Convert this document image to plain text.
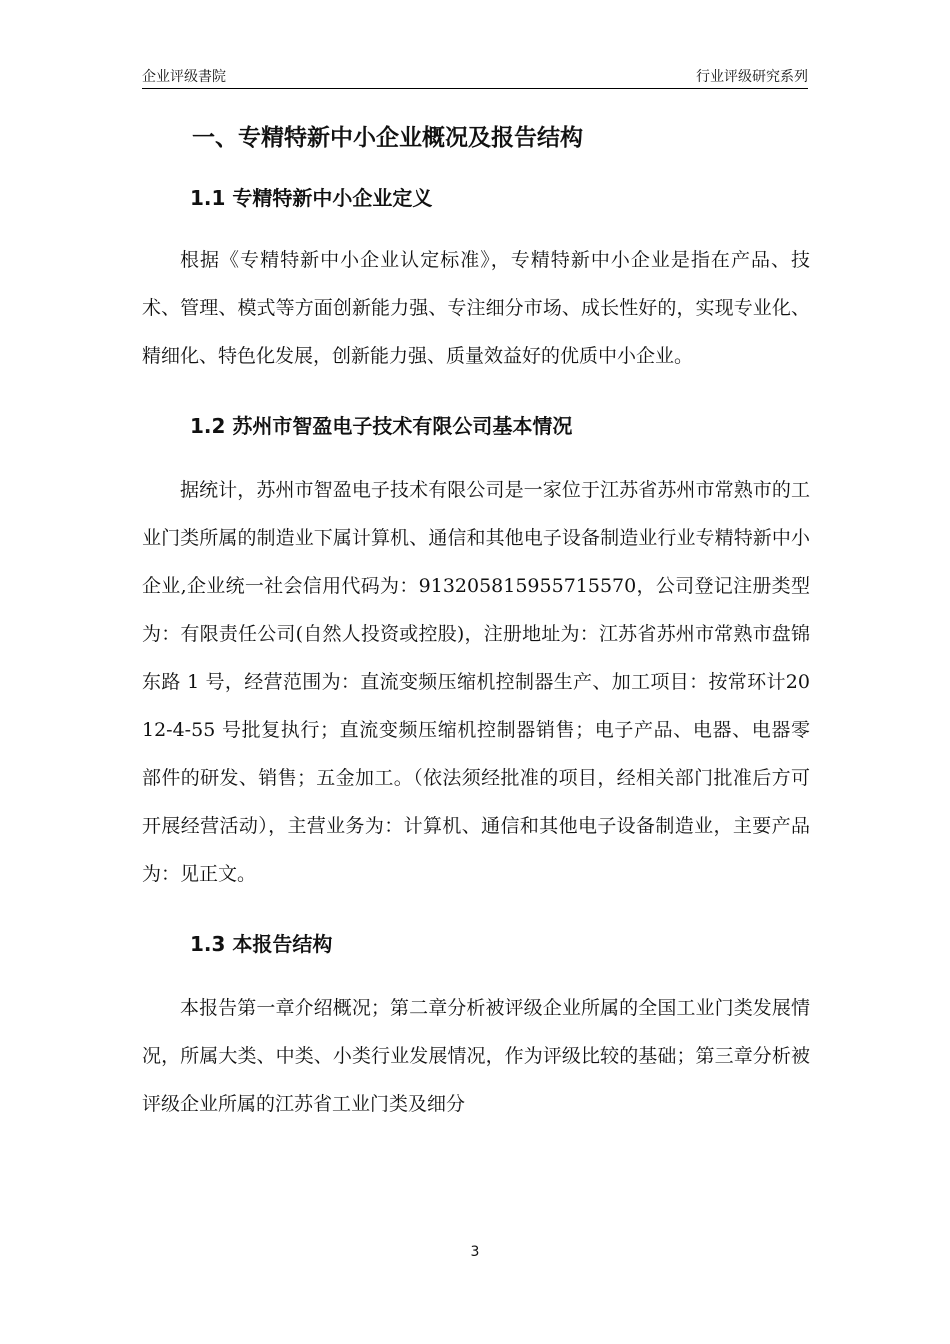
企业评级書院	行业评级研究系列
一、专精特新中小企业概况及报告结构
1.1 专精特新中小企业定义

根据《专精特新中小企业认定标准》，专精特新中小企业是指在产品、技术、管理、模式等方面创新能力强、专注细分市场、成长性好的，实现专业化、精细化、特色化发展，创新能力强、质量效益好的优质中小企业。

1.2 苏州市智盈电子技术有限公司基本情况

据统计，苏州市智盈电子技术有限公司是一家位于江苏省苏州市常熟市的工业门类所属的制造业下属计算机、通信和其他电子设备制造业行业专精特新中小企业,企业统一社会信用代码为：913205815955715570，公司登记注册类型为：有限责任公司(自然人投资或控股)，注册地址为：江苏省苏州市常熟市盘锦东路 1 号，经营范围为：直流变频压缩机控制器生产、加工项目：按常环计2012-4-55 号批复执行；直流变频压缩机控制器销售；电子产品、电器、电器零部件的研发、销售；五金加工。（依法须经批准的项目，经相关部门批准后方可开展经营活动），主营业务为：计算机、通信和其他电子设备制造业，主要产品为：见正文。

1.3 本报告结构

本报告第一章介绍概况；第二章分析被评级企业所属的全国工业门类发展情况，所属大类、中类、小类行业发展情况，作为评级比较的基础；第三章分析被评级企业所属的江苏省工业门类及细分

3
